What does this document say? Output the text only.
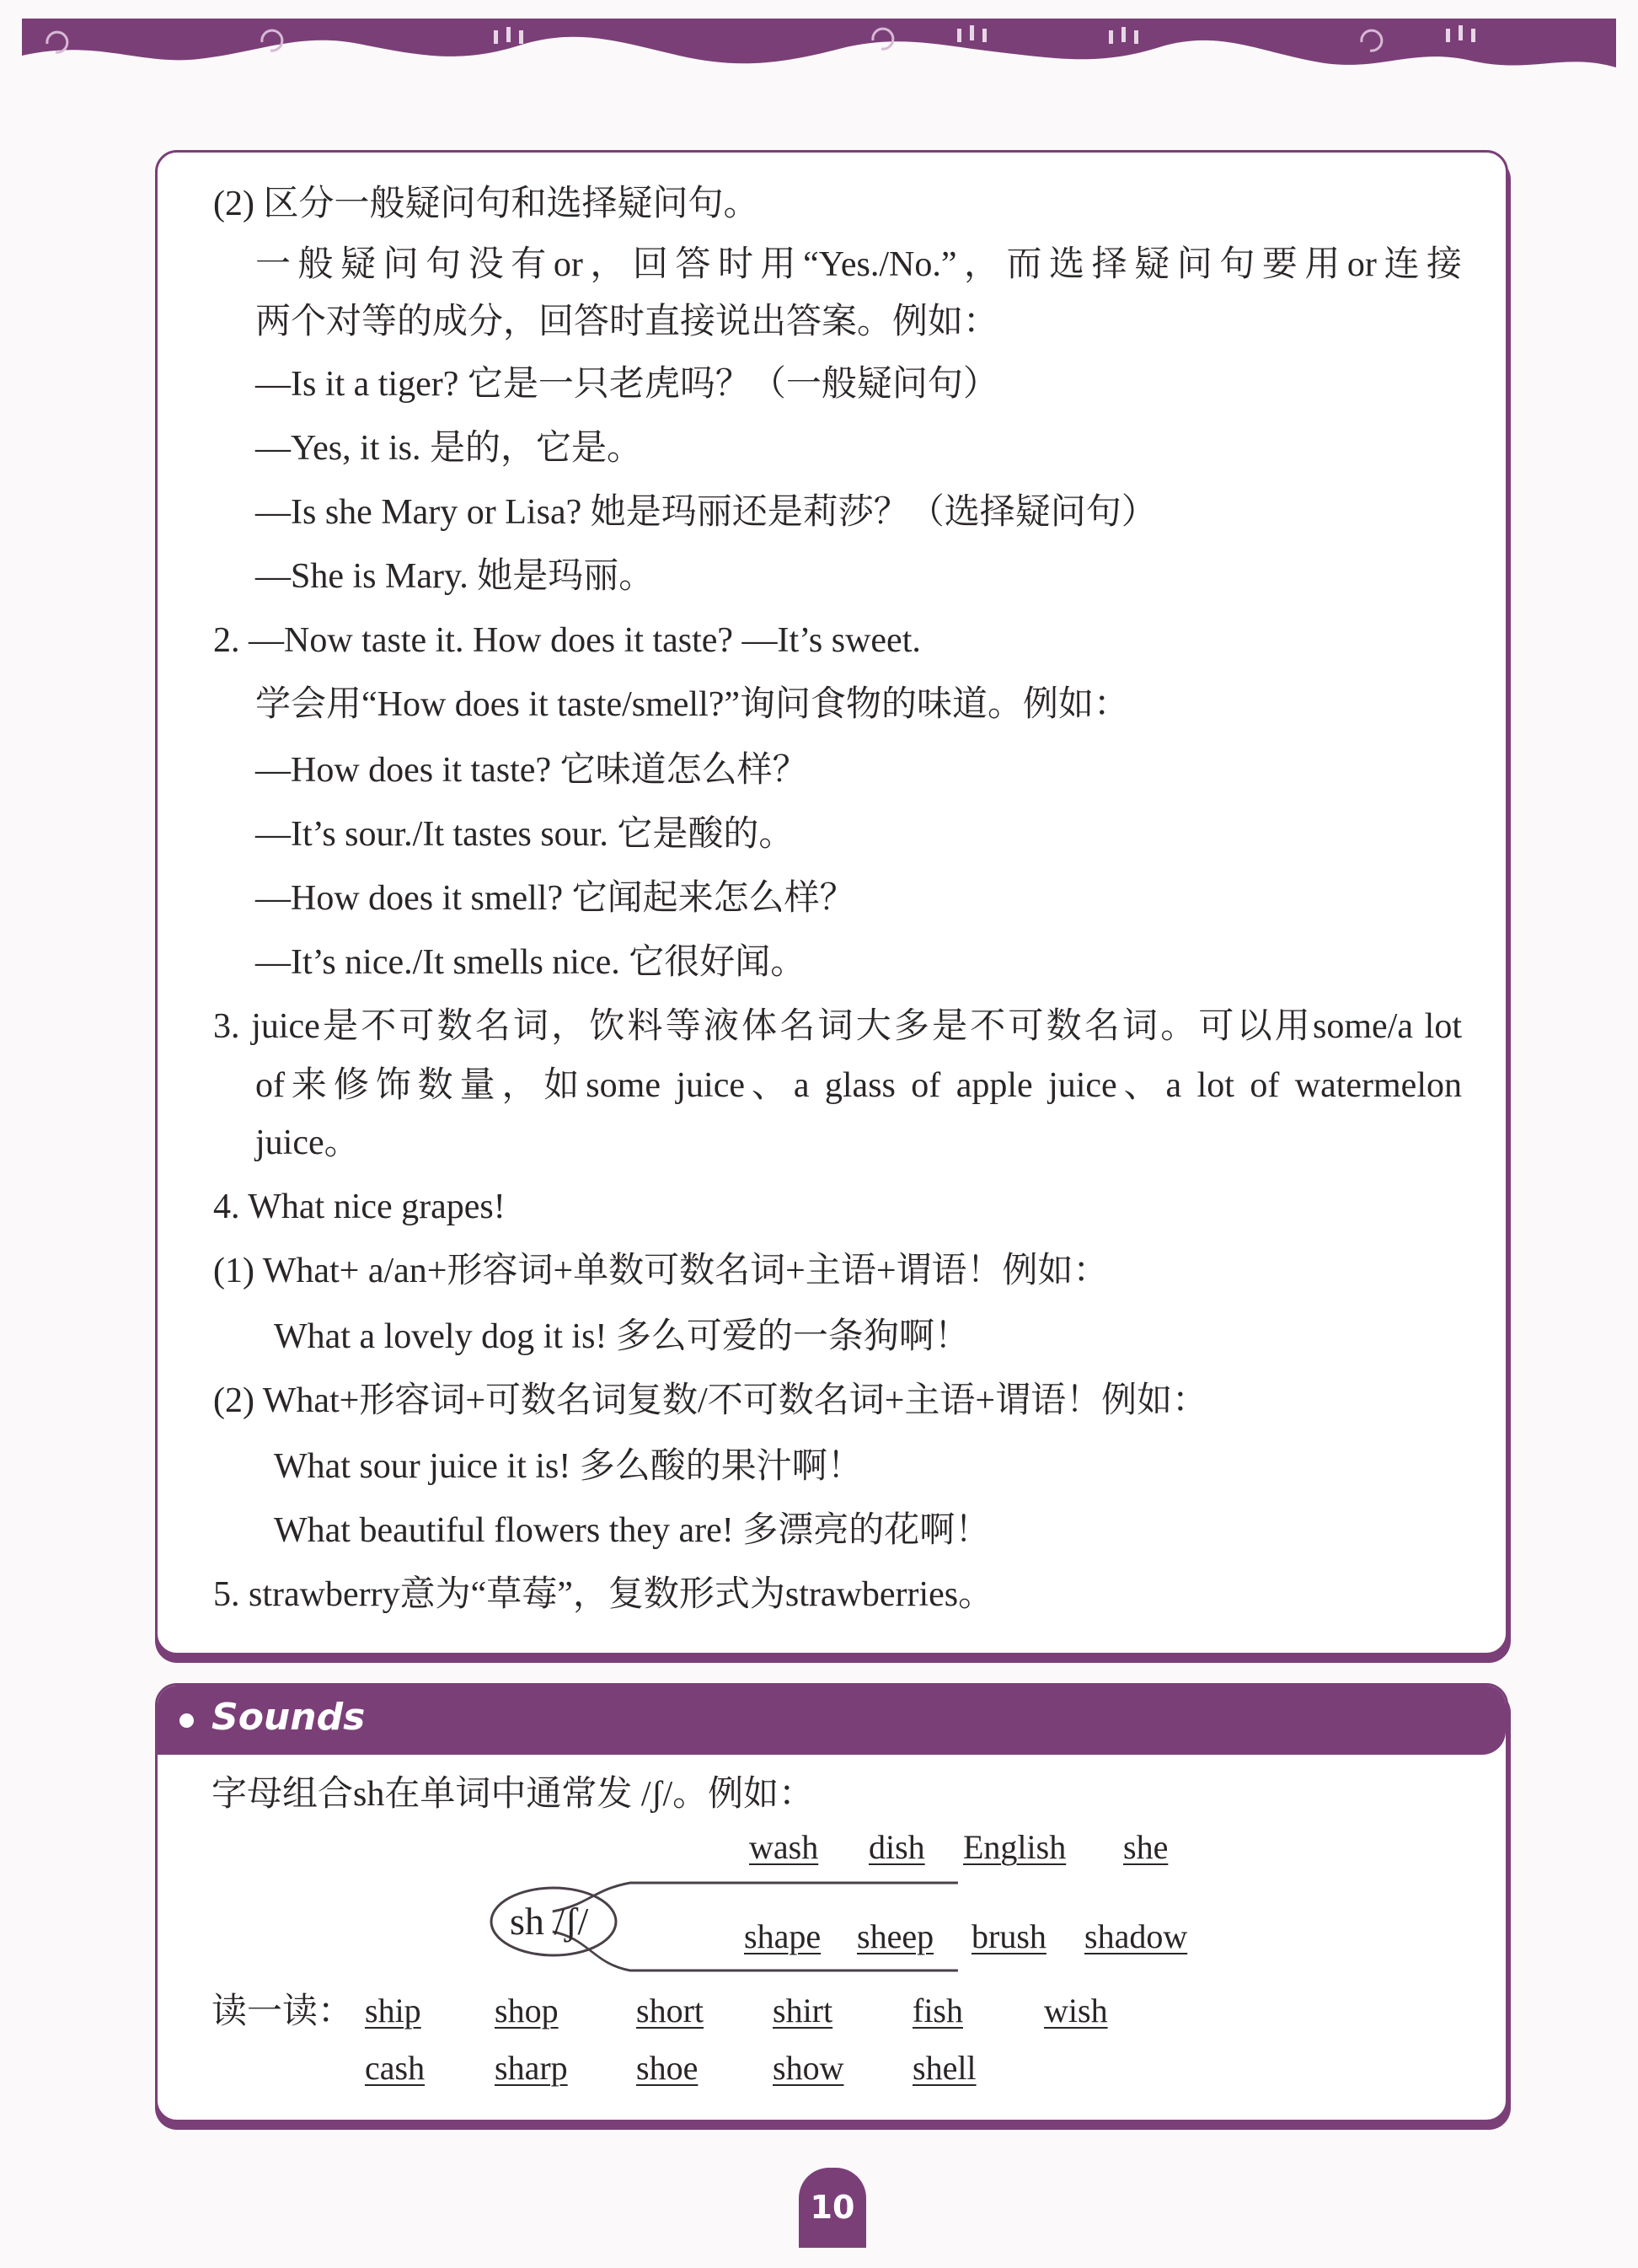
(2) 区分一般疑问句和选择疑问句。
一般疑问句没有or，回答时用“Yes./No.”，而选择疑问句要用or连接
两个对等的成分，回答时直接说出答案。例如：
—Is it a tiger? 它是一只老虎吗？（一般疑问句）
—Yes, it is. 是的，它是。
—Is she Mary or Lisa? 她是玛丽还是莉莎？（选择疑问句）
—She is Mary. 她是玛丽。
2. —Now taste it. How does it taste? —It’s sweet.
学会用“How does it taste/smell?”询问食物的味道。例如：
—How does it taste? 它味道怎么样？
—It’s sour./It tastes sour. 它是酸的。
—How does it smell? 它闻起来怎么样？
—It’s nice./It smells nice. 它很好闻。
3. juice是不可数名词，饮料等液体名词大多是不可数名词。可以用some/a lot
of来修饰数量，如some juice、a glass of apple juice、a lot of watermelon
juice。
4. What nice grapes!
(1) What+ a/an+形容词+单数可数名词+主语+谓语！例如：
What a lovely dog it is! 多么可爱的一条狗啊！
(2) What+形容词+可数名词复数/不可数名词+主语+谓语！例如：
What sour juice it is! 多么酸的果汁啊！
What beautiful flowers they are! 多漂亮的花啊！
5. strawberry意为“草莓”，复数形式为strawberries。
Sounds
字母组合sh在单词中通常发 /ʃ/。例如：
sh /ʃ/
wash dish English she
shape sheep brush shadow
读一读： ship shop short shirt fish wish
cash sharp shoe show shell
10
